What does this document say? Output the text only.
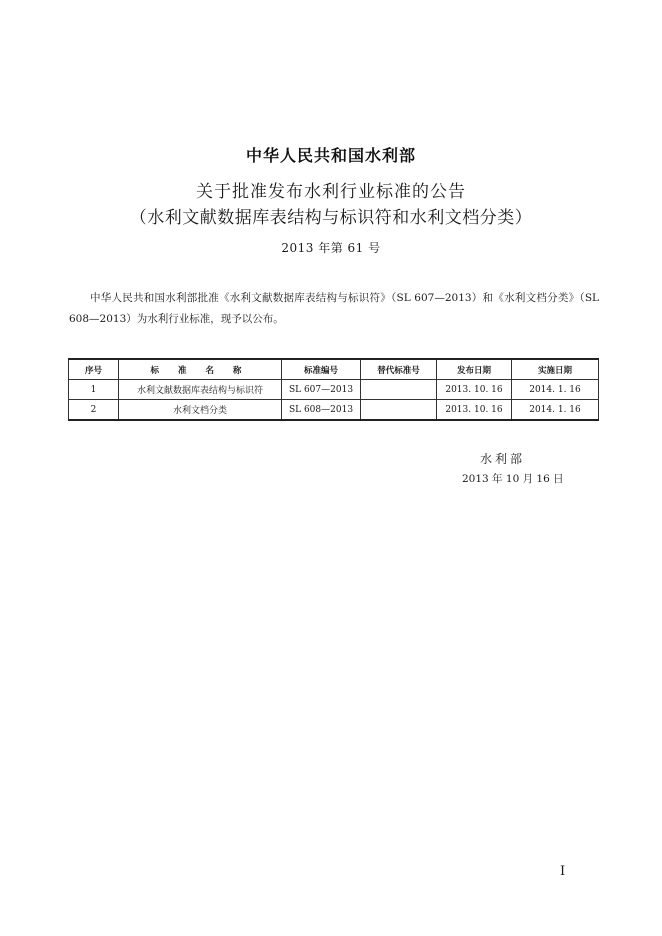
中华人民共和国水利部
关于批准发布水利行业标准的公告
（水利文献数据库表结构与标识符和水利文档分类）
2013 年第 61 号

中华人民共和国水利部批准《水利文献数据库表结构与标识符》（SL 607—2013）和《水利文档分类》（SL 608—2013）为水利行业标准，现予以公布。

序号	标 准 名 称	标准编号	替代标准号	发布日期	实施日期
1	水利文献数据库表结构与标识符	SL 607—2013		2013. 10. 16	2014. 1. 16
2	水利文档分类	SL 608—2013		2013. 10. 16	2014. 1. 16
水利部
2013 年 10 月 16 日
I
